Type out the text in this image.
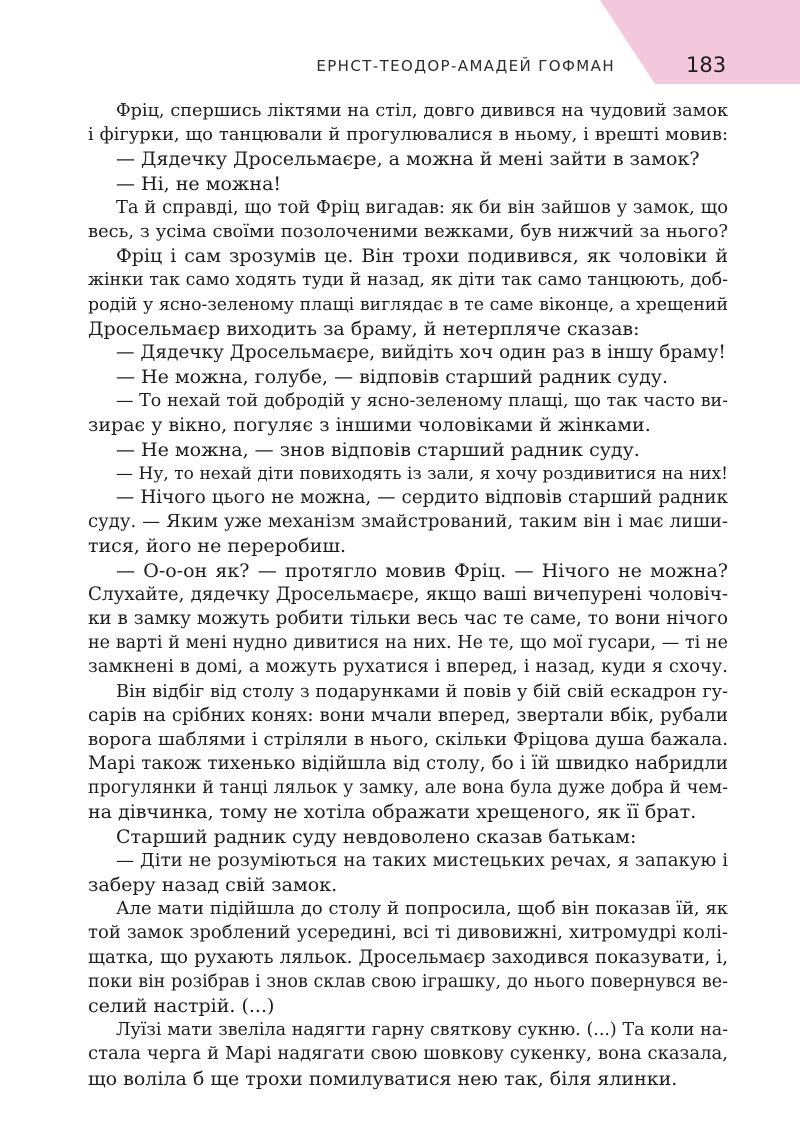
ЕРНСТ-ТЕОДОР-АМАДЕЙ ГОФМАН	183
Фріц, спершись ліктями на стіл, довго дивився на чудовий замок
і фігурки, що танцювали й прогулювалися в ньому, і врешті мовив:
— Дядечку Дросельмаєре, а можна й мені зайти в замок?
— Ні, не можна!
Та й справді, що той Фріц вигадав: як би він зайшов у замок, що
весь, з усіма своїми позолоченими вежками, був нижчий за нього?
Фріц і сам зрозумів це. Він трохи подивився, як чоловіки й
жінки так само ходять туди й назад, як діти так само танцюють, доб-
родій у ясно-зеленому плащі виглядає в те саме віконце, а хрещений
Дросельмаєр виходить за браму, й нетерпляче сказав:
— Дядечку Дросельмаєре, вийдіть хоч один раз в іншу браму!
— Не можна, голубе, — відповів старший радник суду.
— То нехай той добродій у ясно-зеленому плащі, що так часто ви-
зирає у вікно, погуляє з іншими чоловіками й жінками.
— Не можна, — знов відповів старший радник суду.
— Ну, то нехай діти повиходять із зали, я хочу роздивитися на них!
— Нічого цього не можна, — сердито відповів старший радник
суду. — Яким уже механізм змайстрований, таким він і має лиши-
тися, його не переробиш.
— О-о-он як? — протягло мовив Фріц. — Нічого не можна?
Слухайте, дядечку Дросельмаєре, якщо ваші вичепурені чоловіч-
ки в замку можуть робити тільки весь час те саме, то вони нічого
не варті й мені нудно дивитися на них. Не те, що мої гусари, — ті не
замкнені в домі, а можуть рухатися і вперед, і назад, куди я схочу.
Він відбіг від столу з подарунками й повів у бій свій ескадрон гу-
сарів на срібних конях: вони мчали вперед, звертали вбік, рубали
ворога шаблями і стріляли в нього, скільки Фріцова душа бажала.
Марі також тихенько відійшла від столу, бо і їй швидко набридли
прогулянки й танці ляльок у замку, але вона була дуже добра й чем-
на дівчинка, тому не хотіла ображати хрещеного, як її брат.
Старший радник суду невдоволено сказав батькам:
— Діти не розуміються на таких мистецьких речах, я запакую і
заберу назад свій замок.
Але мати підійшла до столу й попросила, щоб він показав їй, як
той замок зроблений усередині, всі ті дивовижні, хитромудрі колі-
щатка, що рухають ляльок. Дросельмаєр заходився показувати, і,
поки він розібрав і знов склав свою іграшку, до нього повернувся ве-
селий настрій. (...)
Луїзі мати звеліла надягти гарну святкову сукню. (...) Та коли на-
стала черга й Марі надягати свою шовкову сукенку, вона сказала,
що воліла б ще трохи помилуватися нею так, біля ялинки.
